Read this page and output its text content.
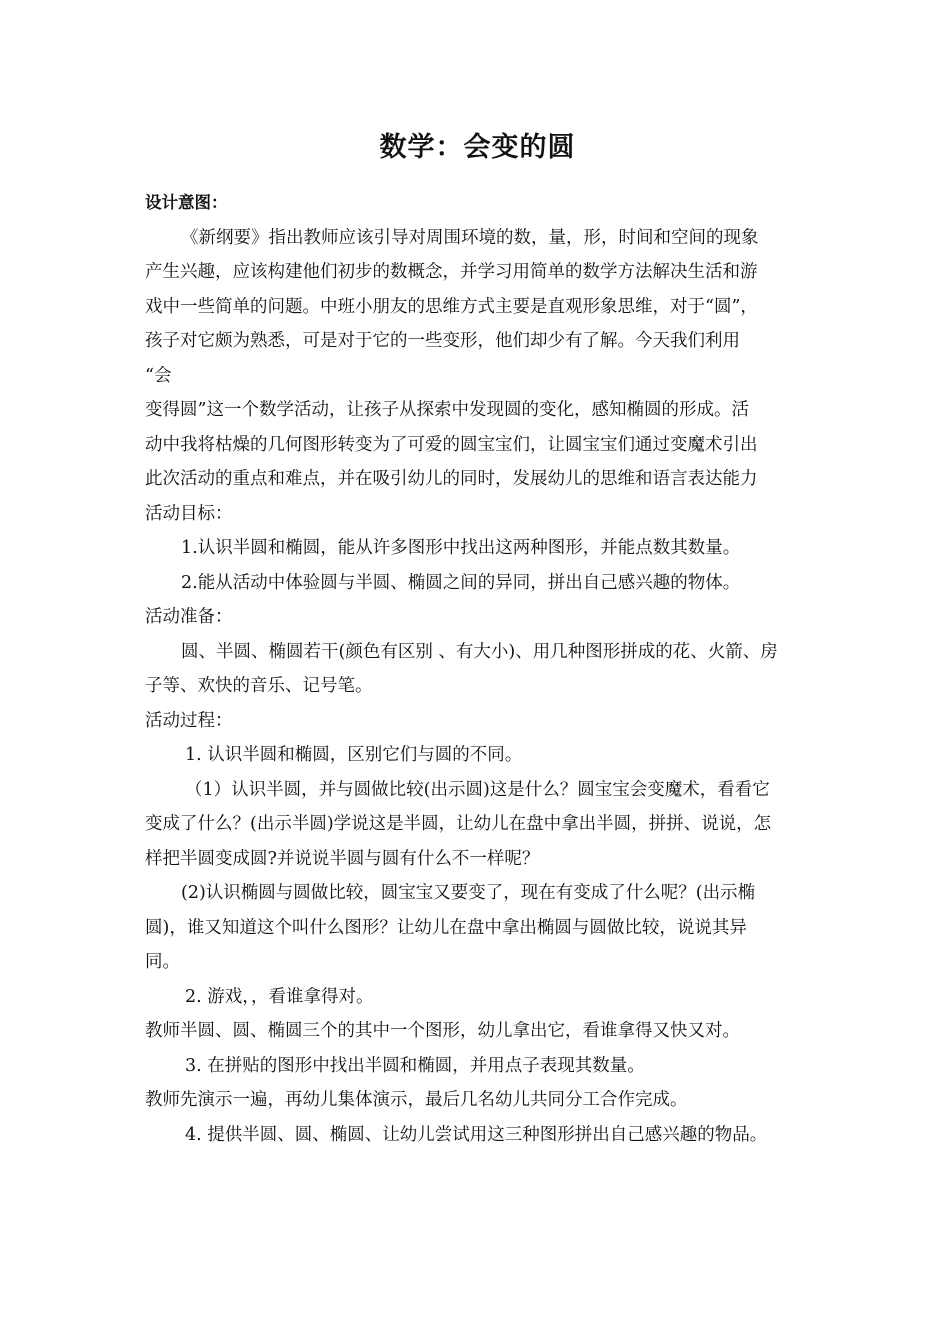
数学：会变的圆
设计意图：
《新纲要》指出教师应该引导对周围环境的数，量，形，时间和空间的现象
产生兴趣，应该构建他们初步的数概念，并学习用简单的数学方法解决生活和游
戏中一些简单的问题。中班小朋友的思维方式主要是直观形象思维，对于“圆”，
孩子对它颇为熟悉，可是对于它的一些变形，他们却少有了解。今天我们利用
“会
变得圆”这一个数学活动，让孩子从探索中发现圆的变化，感知椭圆的形成。活
动中我将枯燥的几何图形转变为了可爱的圆宝宝们，让圆宝宝们通过变魔术引出
此次活动的重点和难点，并在吸引幼儿的同时，发展幼儿的思维和语言表达能力
活动目标：
1.认识半圆和椭圆，能从许多图形中找出这两种图形，并能点数其数量。
2.能从活动中体验圆与半圆、椭圆之间的异同，拼出自己感兴趣的物体。
活动准备：
圆、半圆、椭圆若干(颜色有区别 、有大小)、用几种图形拼成的花、火箭、房
子等、欢快的音乐、记号笔。
活动过程：
1. 认识半圆和椭圆，区别它们与圆的不同。
（1）认识半圆，并与圆做比较(出示圆)这是什么？圆宝宝会变魔术，看看它
变成了什么？(出示半圆)学说这是半圆，让幼儿在盘中拿出半圆，拼拼、说说，怎
样把半圆变成圆?并说说半圆与圆有什么不一样呢？
(2)认识椭圆与圆做比较，圆宝宝又要变了，现在有变成了什么呢？(出示椭
圆)，谁又知道这个叫什么图形？让幼儿在盘中拿出椭圆与圆做比较，说说其异
同。
2. 游戏，，看谁拿得对。
教师半圆、圆、椭圆三个的其中一个图形，幼儿拿出它，看谁拿得又快又对。
3. 在拼贴的图形中找出半圆和椭圆，并用点子表现其数量。
教师先演示一遍，再幼儿集体演示，最后几名幼儿共同分工合作完成。
4. 提供半圆、圆、椭圆、让幼儿尝试用这三种图形拼出自己感兴趣的物品。
